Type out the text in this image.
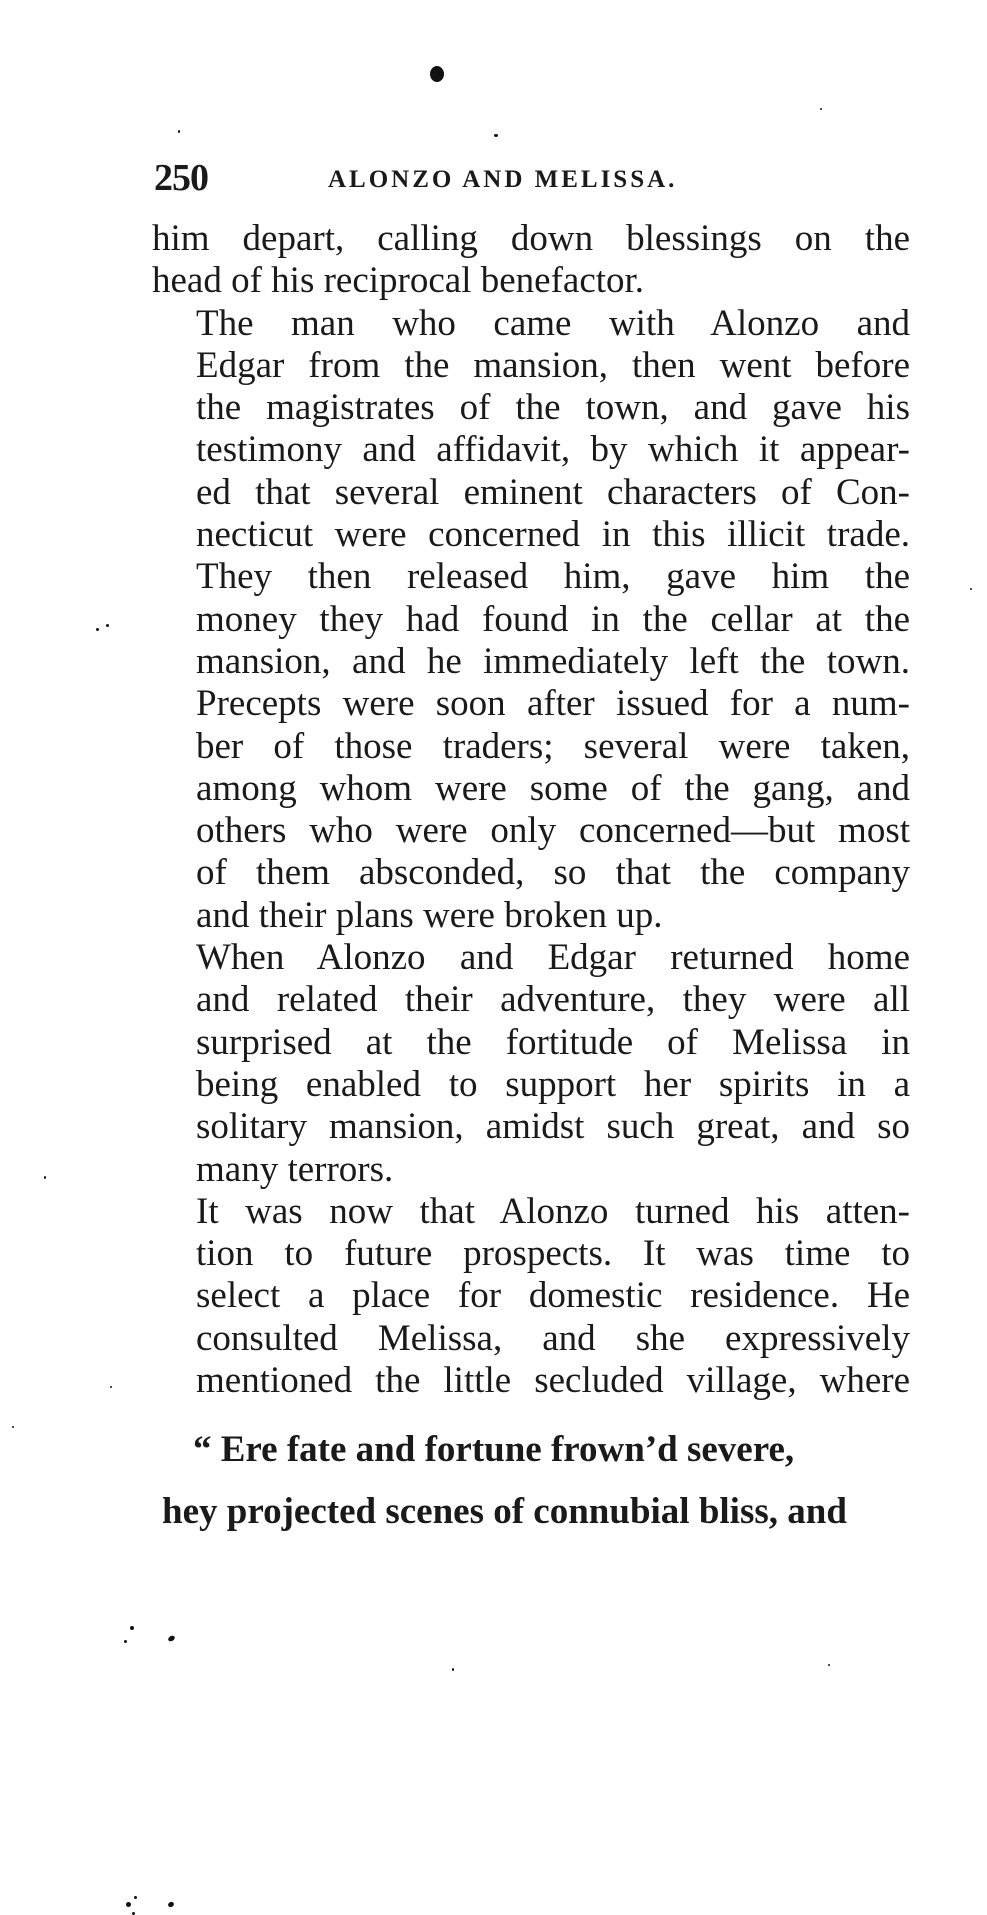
250	ALONZO AND MELISSA.

him depart, calling down blessings on the
head of his reciprocal benefactor.

The man who came with Alonzo and
Edgar from the mansion, then went before
the magistrates of the town, and gave his
testimony and affidavit, by which it appear-
ed that several eminent characters of Con-
necticut were concerned in this illicit trade.
They then released him, gave him the
money they had found in the cellar at the
mansion, and he immediately left the town.
Precepts were soon after issued for a num-
ber of those traders; several were taken,
among whom were some of the gang, and
others who were only concerned—but most
of them absconded, so that the company
and their plans were broken up.

When Alonzo and Edgar returned home
and related their adventure, they were all
surprised at the fortitude of Melissa in
being enabled to support her spirits in a
solitary mansion, amidst such great, and so
many terrors.

It was now that Alonzo turned his atten-
tion to future prospects. It was time to
select a place for domestic residence. He
consulted Melissa, and she expressively
mentioned the little secluded village, where

“ Ere fate and fortune frown’d severe,
hey projected scenes of connubial bliss, and
